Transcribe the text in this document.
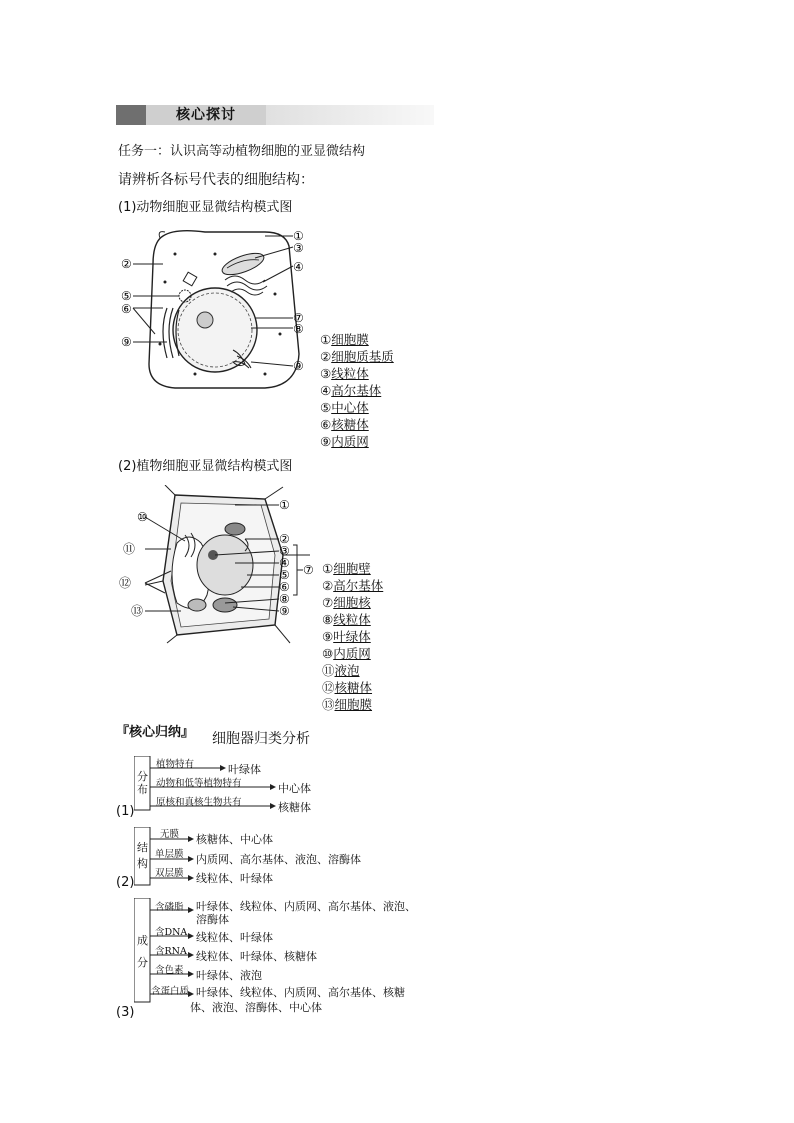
核心探讨
任务一：认识高等动植物细胞的亚显微结构
请辨析各标号代表的细胞结构：
(1)动物细胞亚显微结构模式图
①
②
③
④
⑤
⑥
⑦
⑧
⑨
⑨
①细胞膜
②细胞质基质
③线粒体
④高尔基体
⑤中心体
⑥核糖体
⑨内质网
(2)植物细胞亚显微结构模式图
①
⑩
②
⑪	③
④ ⑦
⑫
⑤
⑥
⑧
⑬	⑨
①细胞壁
②高尔基体
⑦细胞核
⑧线粒体
⑨叶绿体
⑩内质网
⑪液泡
⑫核糖体
⑬细胞膜
『核心归纳』 细胞器归类分析
分
布
植物特有	叶绿体
动物和低等植物特有	中心体
原核和真核生物共有	核糖体
(1)
结
构
无膜 核糖体、中心体
单层膜 内质网、高尔基体、液泡、溶酶体
双层膜 线粒体、叶绿体
(2)
成
分
含磷脂 叶绿体、线粒体、内质网、高尔基体、液泡、
溶酶体
含DNA 线粒体、叶绿体
含RNA 线粒体、叶绿体、核糖体
含色素 叶绿体、液泡
含蛋白质 叶绿体、线粒体、内质网、高尔基体、核糖
体、液泡、溶酶体、中心体
(3)
